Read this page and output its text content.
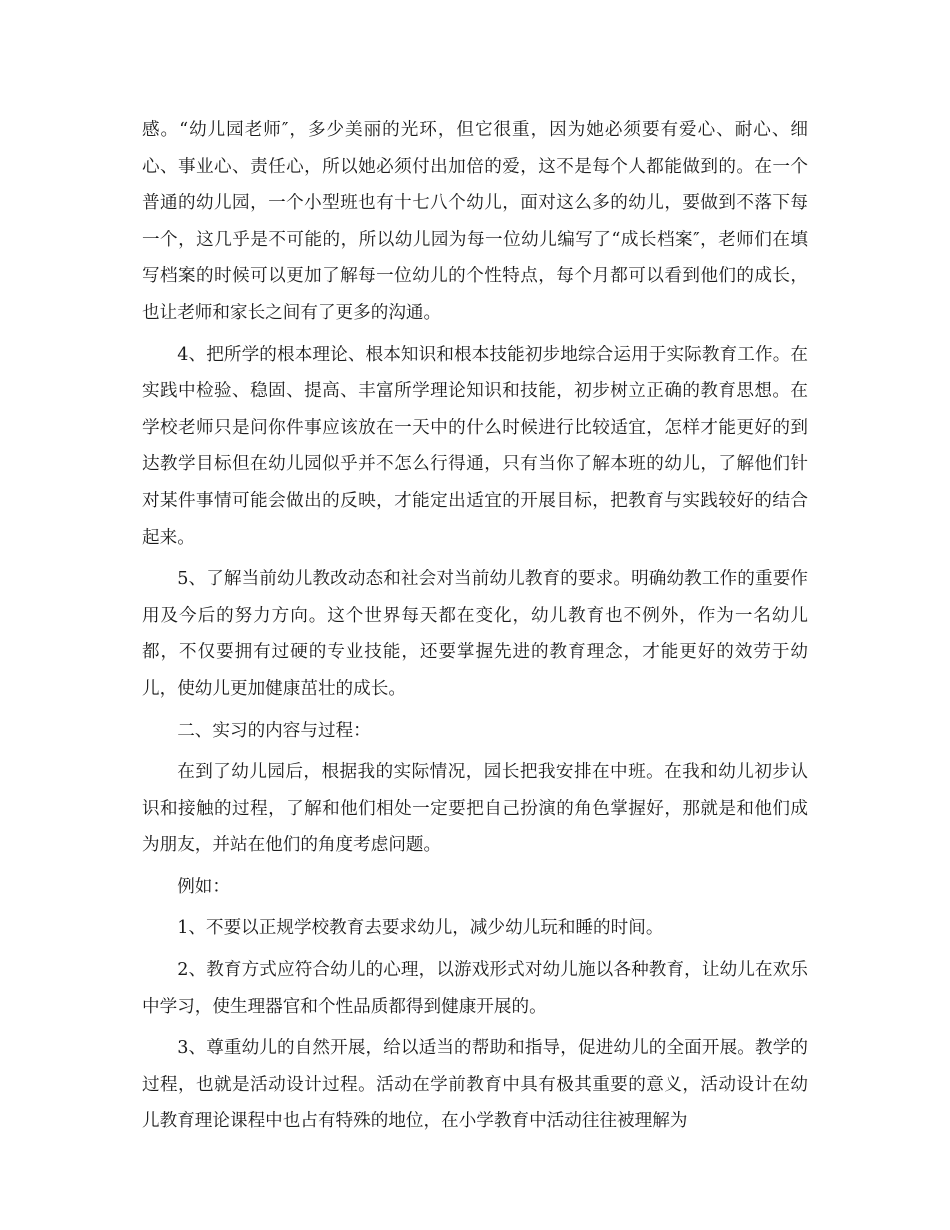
感。“幼儿园老师″，多少美丽的光环，但它很重，因为她必须要有爱心、耐心、细心、事业心、责任心，所以她必须付出加倍的爱，这不是每个人都能做到的。在一个普通的幼儿园，一个小型班也有十七八个幼儿，面对这么多的幼儿，要做到不落下每一个，这几乎是不可能的，所以幼儿园为每一位幼儿编写了“成长档案″，老师们在填写档案的时候可以更加了解每一位幼儿的个性特点，每个月都可以看到他们的成长，也让老师和家长之间有了更多的沟通。

4、把所学的根本理论、根本知识和根本技能初步地综合运用于实际教育工作。在实践中检验、稳固、提高、丰富所学理论知识和技能，初步树立正确的教育思想。在学校老师只是问你件事应该放在一天中的什么时候进行比较适宜，怎样才能更好的到达教学目标但在幼儿园似乎并不怎么行得通，只有当你了解本班的幼儿，了解他们针对某件事情可能会做出的反映，才能定出适宜的开展目标，把教育与实践较好的结合起来。

5、了解当前幼儿教改动态和社会对当前幼儿教育的要求。明确幼教工作的重要作用及今后的努力方向。这个世界每天都在变化，幼儿教育也不例外，作为一名幼儿都，不仅要拥有过硬的专业技能，还要掌握先进的教育理念，才能更好的效劳于幼儿，使幼儿更加健康茁壮的成长。

二、实习的内容与过程：

在到了幼儿园后，根据我的实际情况，园长把我安排在中班。在我和幼儿初步认识和接触的过程，了解和他们相处一定要把自己扮演的角色掌握好，那就是和他们成为朋友，并站在他们的角度考虑问题。

例如：

1、不要以正规学校教育去要求幼儿，减少幼儿玩和睡的时间。

2、教育方式应符合幼儿的心理，以游戏形式对幼儿施以各种教育，让幼儿在欢乐中学习，使生理器官和个性品质都得到健康开展的。

3、尊重幼儿的自然开展，给以适当的帮助和指导，促进幼儿的全面开展。教学的过程，也就是活动设计过程。活动在学前教育中具有极其重要的意义，活动设计在幼儿教育理论课程中也占有特殊的地位，在小学教育中活动往往被理解为
